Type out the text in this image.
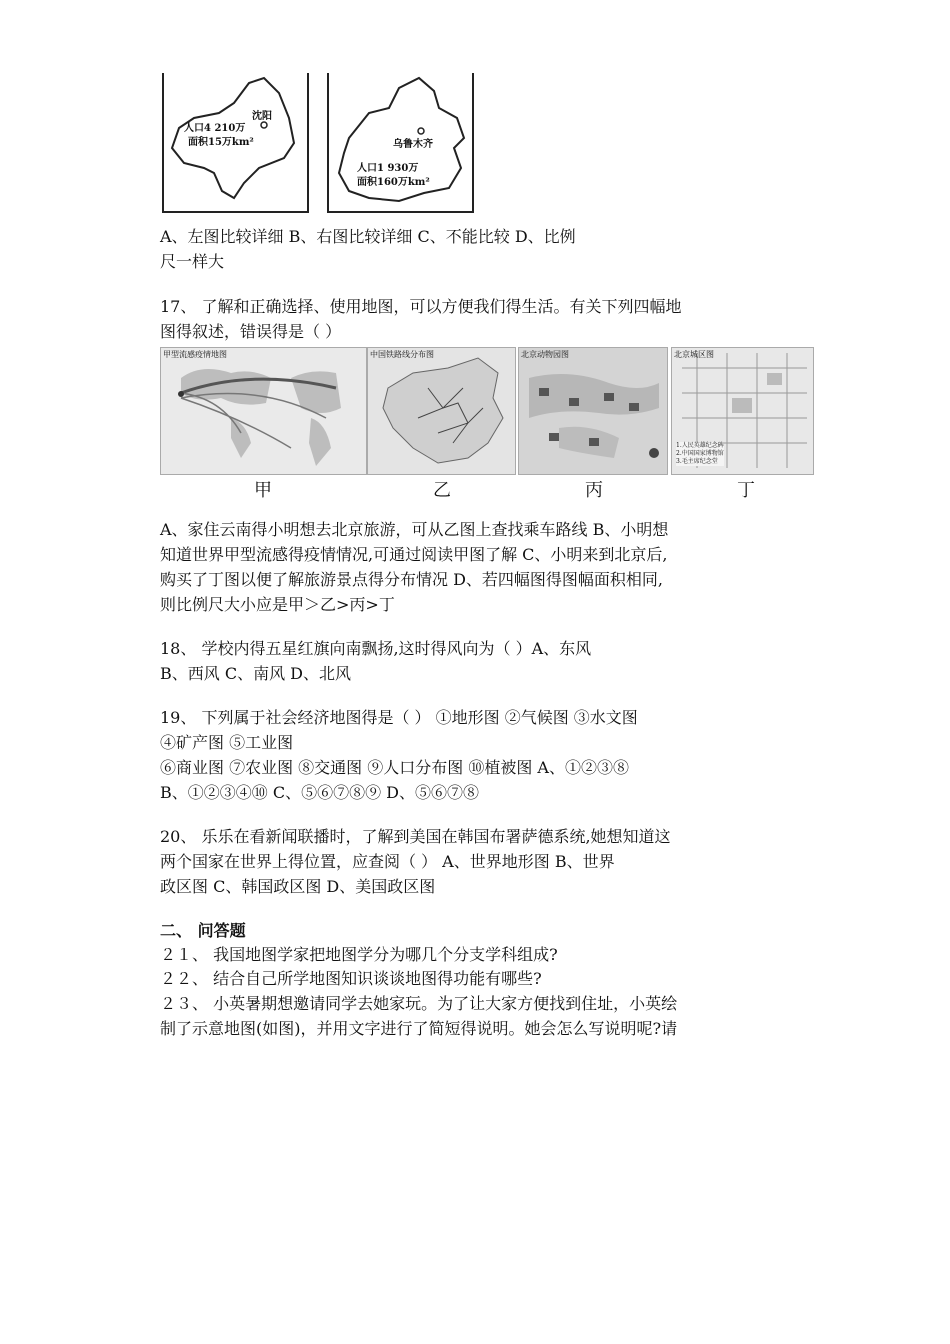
沈阳
人口4 210万
面积15万km²	乌鲁木齐
人口1 930万
面积160万km²
A、左图比较详细 B、右图比较详细 C、不能比较 D、比例
尺一样大
17、 了解和正确选择、使用地图，可以方便我们得生活。有关下列四幅地
图得叙述，错误得是（ ）
甲型流感疫情地图	中国铁路线分布图	北京动物园图	北京城区图
1.人民英雄纪念碑
2.中国国家博物馆
3.毛主席纪念堂
甲	乙	丙	丁
A、家住云南得小明想去北京旅游，可从乙图上查找乘车路线 B、小明想
知道世界甲型流感得疫情情况,可通过阅读甲图了解 C、小明来到北京后,
购买了丁图以便了解旅游景点得分布情况 D、若四幅图得图幅面积相同,
则比例尺大小应是甲＞乙>丙>丁
18、 学校内得五星红旗向南飘扬,这时得风向为（ ）A、东风
B、西风 C、南风 D、北风
19、 下列属于社会经济地图得是（ ） ①地形图 ②气候图 ③水文图
④矿产图 ⑤工业图
⑥商业图 ⑦农业图 ⑧交通图 ⑨人口分布图 ⑩植被图 A、①②③⑧
B、①②③④⑩ C、⑤⑥⑦⑧⑨ D、⑤⑥⑦⑧
20、 乐乐在看新闻联播时，了解到美国在韩国布署萨德系统,她想知道这
两个国家在世界上得位置，应查阅（ ） A、世界地形图 B、世界
政区图 C、韩国政区图 D、美国政区图
二、 问答题
２１、 我国地图学家把地图学分为哪几个分支学科组成?
２２、 结合自己所学地图知识谈谈地图得功能有哪些?
２３、 小英暑期想邀请同学去她家玩。为了让大家方便找到住址，小英绘
制了示意地图(如图)，并用文字进行了简短得说明。她会怎么写说明呢?请
